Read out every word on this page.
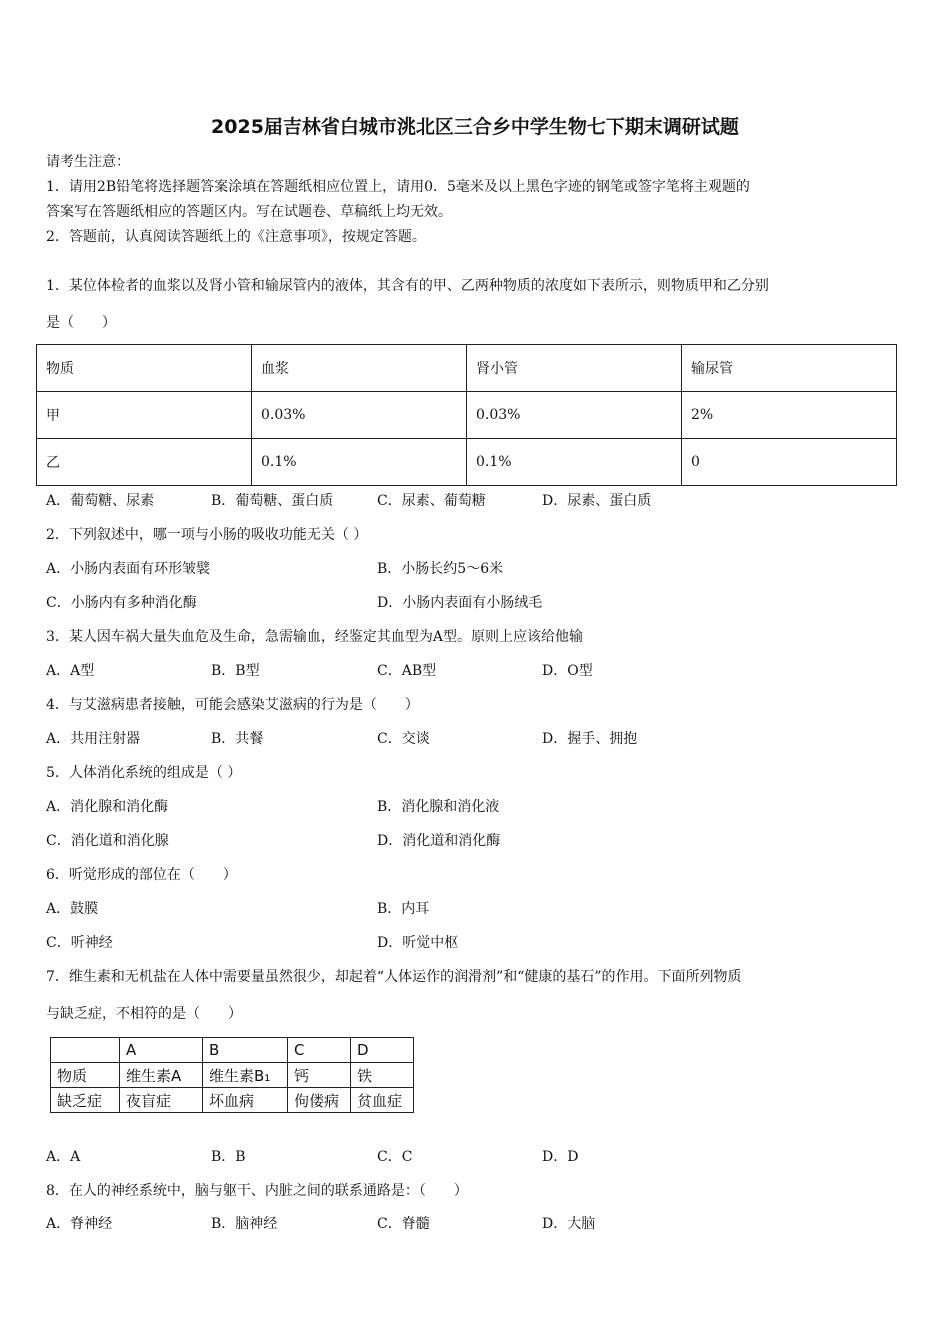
2025届吉林省白城市洮北区三合乡中学生物七下期末调研试题
请考生注意：
1．请用2B铅笔将选择题答案涂填在答题纸相应位置上，请用0．5毫米及以上黑色字迹的钢笔或签字笔将主观题的
答案写在答题纸相应的答题区内。写在试题卷、草稿纸上均无效。
2．答题前，认真阅读答题纸上的《注意事项》，按规定答题。
1．某位体检者的血浆以及肾小管和输尿管内的液体，其含有的甲、乙两种物质的浓度如下表所示，则物质甲和乙分别
是（　　）
物质	血浆	肾小管	输尿管
甲	0.03%	0.03%	2%
乙	0.1%	0.1%	0
A．葡萄糖、尿素	B．葡萄糖、蛋白质	C．尿素、葡萄糖	D．尿素、蛋白质
2．下列叙述中，哪一项与小肠的吸收功能无关（ ）
A．小肠内表面有环形皱襞	B．小肠长约5～6米
C．小肠内有多种消化酶	D．小肠内表面有小肠绒毛
3．某人因车祸大量失血危及生命，急需输血，经鉴定其血型为A型。原则上应该给他输
A．A型	B．B型	C．AB型	D．O型
4．与艾滋病患者接触，可能会感染艾滋病的行为是（　　）
A．共用注射器	B．共餐	C．交谈	D．握手、拥抱
5．人体消化系统的组成是（ ）
A．消化腺和消化酶	B．消化腺和消化液
C．消化道和消化腺	D．消化道和消化酶
6．听觉形成的部位在（　　）
A．鼓膜	B．内耳
C．听神经	D．听觉中枢
7．维生素和无机盐在人体中需要量虽然很少，却起着“人体运作的润滑剂”和“健康的基石”的作用。下面所列物质
与缺乏症，不相符的是（　　）
	A	B	C	D
物质	维生素A	维生素B₁	钙	铁
缺乏症	夜盲症	坏血病	佝偻病	贫血症
A．A	B．B	C．C	D．D
8．在人的神经系统中，脑与躯干、内脏之间的联系通路是：（　　）
A．脊神经	B．脑神经	C．脊髓	D．大脑
